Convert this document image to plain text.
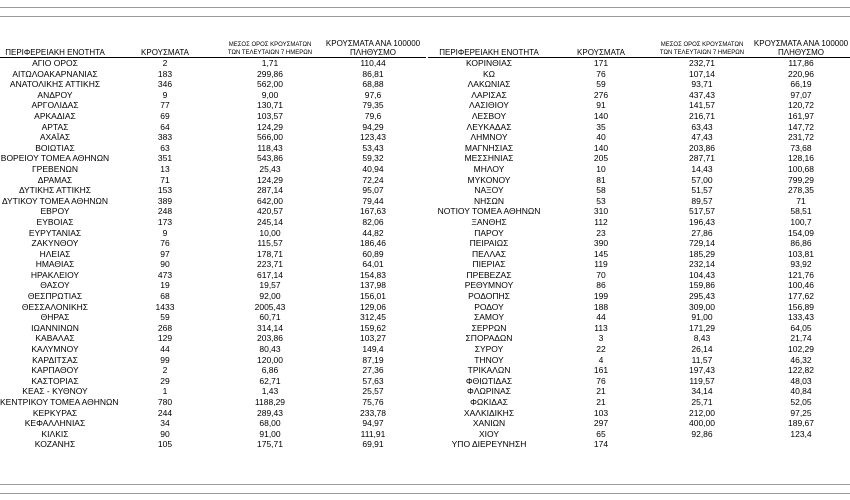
ΠΕΡΙΦΕΡΕΙΑΚΗ ΕΝΟΤΗΤΑ	ΚΡΟΥΣΜΑΤΑ	ΜΕΣΟΣ ΟΡΟΣ ΚΡΟΥΣΜΑΤΩΝ
ΤΩΝ ΤΕΛΕΥΤΑΙΩΝ 7 ΗΜΕΡΩΝ	ΚΡΟΥΣΜΑΤΑ ΑΝΑ 100000
ΠΛΗΘΥΣΜΟ
ΑΓΙΟ ΟΡΟΣ	2	1,71	110,44
ΑΙΤΩΛΟΑΚΑΡΝΑΝΙΑΣ	183	299,86	86,81
ΑΝΑΤΟΛΙΚΗΣ ΑΤΤΙΚΗΣ	346	562,00	68,88
ΑΝΔΡΟΥ	9	9,00	97,6
ΑΡΓΟΛΙΔΑΣ	77	130,71	79,35
ΑΡΚΑΔΙΑΣ	69	103,57	79,6
ΑΡΤΑΣ	64	124,29	94,29
ΑΧΑΪΑΣ	383	566,00	123,43
ΒΟΙΩΤΙΑΣ	63	118,43	53,43
ΒΟΡΕΙΟΥ ΤΟΜΕΑ ΑΘΗΝΩΝ	351	543,86	59,32
ΓΡΕΒΕΝΩΝ	13	25,43	40,94
ΔΡΑΜΑΣ	71	124,29	72,24
ΔΥΤΙΚΗΣ ΑΤΤΙΚΗΣ	153	287,14	95,07
ΔΥΤΙΚΟΥ ΤΟΜΕΑ ΑΘΗΝΩΝ	389	642,00	79,44
ΕΒΡΟΥ	248	420,57	167,63
ΕΥΒΟΙΑΣ	173	245,14	82,06
ΕΥΡΥΤΑΝΙΑΣ	9	10,00	44,82
ΖΑΚΥΝΘΟΥ	76	115,57	186,46
ΗΛΕΙΑΣ	97	178,71	60,89
ΗΜΑΘΙΑΣ	90	223,71	64,01
ΗΡΑΚΛΕΙΟΥ	473	617,14	154,83
ΘΑΣΟΥ	19	19,57	137,98
ΘΕΣΠΡΩΤΙΑΣ	68	92,00	156,01
ΘΕΣΣΑΛΟΝΙΚΗΣ	1433	2005,43	129,06
ΘΗΡΑΣ	59	60,71	312,45
ΙΩΑΝΝΙΝΩΝ	268	314,14	159,62
ΚΑΒΑΛΑΣ	129	203,86	103,27
ΚΑΛΥΜΝΟΥ	44	80,43	149,4
ΚΑΡΔΙΤΣΑΣ	99	120,00	87,19
ΚΑΡΠΑΘΟΥ	2	6,86	27,36
ΚΑΣΤΟΡΙΑΣ	29	62,71	57,63
ΚΕΑΣ - ΚΥΘΝΟΥ	1	1,43	25,57
ΚΕΝΤΡΙΚΟΥ ΤΟΜΕΑ ΑΘΗΝΩΝ	780	1188,29	75,76
ΚΕΡΚΥΡΑΣ	244	289,43	233,78
ΚΕΦΑΛΛΗΝΙΑΣ	34	68,00	94,97
ΚΙΛΚΙΣ	90	91,00	111,91
ΚΟΖΑΝΗΣ	105	175,71	69,91
ΠΕΡΙΦΕΡΕΙΑΚΗ ΕΝΟΤΗΤΑ	ΚΡΟΥΣΜΑΤΑ	ΜΕΣΟΣ ΟΡΟΣ ΚΡΟΥΣΜΑΤΩΝ
ΤΩΝ ΤΕΛΕΥΤΑΙΩΝ 7 ΗΜΕΡΩΝ	ΚΡΟΥΣΜΑΤΑ ΑΝΑ 100000
ΠΛΗΘΥΣΜΟ
ΚΟΡΙΝΘΙΑΣ	171	232,71	117,86
ΚΩ	76	107,14	220,96
ΛΑΚΩΝΙΑΣ	59	93,71	66,19
ΛΑΡΙΣΑΣ	276	437,43	97,07
ΛΑΣΙΘΙΟΥ	91	141,57	120,72
ΛΕΣΒΟΥ	140	216,71	161,97
ΛΕΥΚΑΔΑΣ	35	63,43	147,72
ΛΗΜΝΟΥ	40	47,43	231,72
ΜΑΓΝΗΣΙΑΣ	140	203,86	73,68
ΜΕΣΣΗΝΙΑΣ	205	287,71	128,16
ΜΗΛΟΥ	10	14,43	100,68
ΜΥΚΟΝΟΥ	81	57,00	799,29
ΝΑΞΟΥ	58	51,57	278,35
ΝΗΣΩΝ	53	89,57	71
ΝΟΤΙΟΥ ΤΟΜΕΑ ΑΘΗΝΩΝ	310	517,57	58,51
ΞΑΝΘΗΣ	112	196,43	100,7
ΠΑΡΟΥ	23	27,86	154,09
ΠΕΙΡΑΙΩΣ	390	729,14	86,86
ΠΕΛΛΑΣ	145	185,29	103,81
ΠΙΕΡΙΑΣ	119	232,14	93,92
ΠΡΕΒΕΖΑΣ	70	104,43	121,76
ΡΕΘΥΜΝΟΥ	86	159,86	100,46
ΡΟΔΟΠΗΣ	199	295,43	177,62
ΡΟΔΟΥ	188	309,00	156,89
ΣΑΜΟΥ	44	91,00	133,43
ΣΕΡΡΩΝ	113	171,29	64,05
ΣΠΟΡΑΔΩΝ	3	8,43	21,74
ΣΥΡΟΥ	22	26,14	102,29
ΤΗΝΟΥ	4	11,57	46,32
ΤΡΙΚΑΛΩΝ	161	197,43	122,82
ΦΘΙΩΤΙΔΑΣ	76	119,57	48,03
ΦΛΩΡΙΝΑΣ	21	34,14	40,84
ΦΩΚΙΔΑΣ	21	25,71	52,05
ΧΑΛΚΙΔΙΚΗΣ	103	212,00	97,25
ΧΑΝΙΩΝ	297	400,00	189,67
ΧΙΟΥ	65	92,86	123,4
ΥΠΟ ΔΙΕΡΕΥΝΗΣΗ	174		
